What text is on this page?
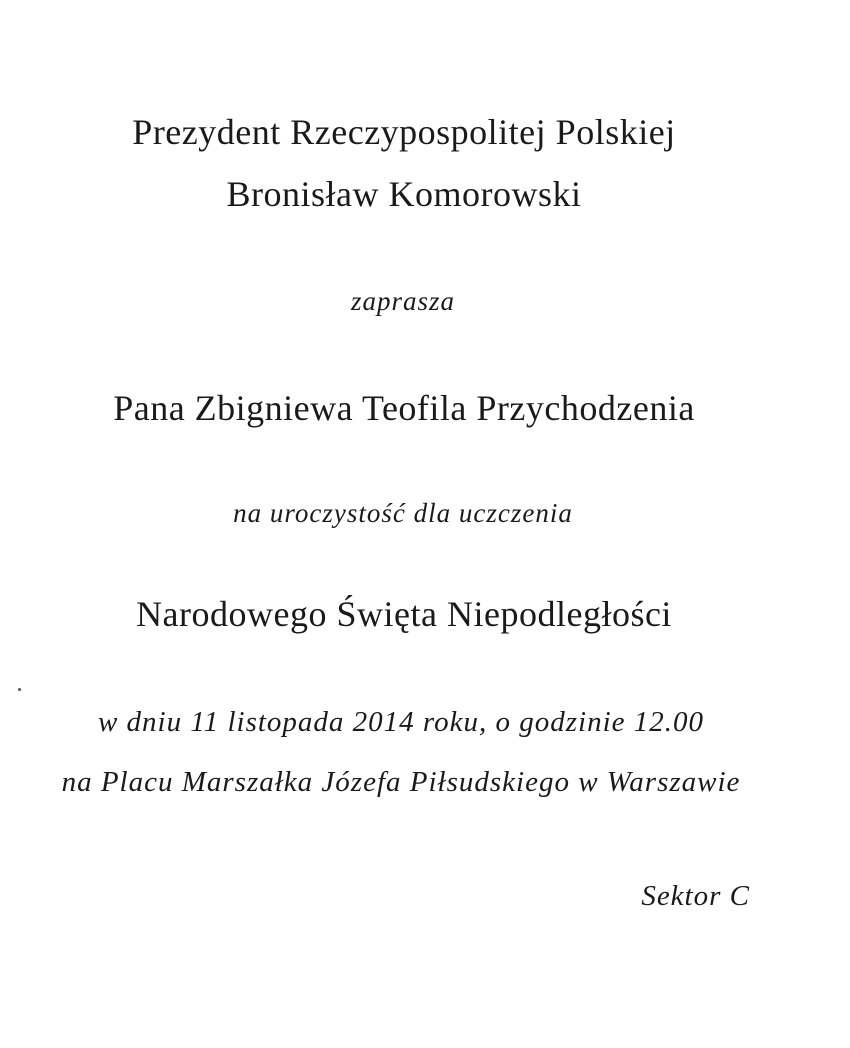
Prezydent Rzeczypospolitej Polskiej
Bronisław Komorowski
zaprasza
Pana Zbigniewa Teofila Przychodzenia
na uroczystość dla uczczenia
Narodowego Święta Niepodległości
w dniu 11 listopada 2014 roku, o godzinie 12.00
na Placu Marszałka Józefa Piłsudskiego w Warszawie
Sektor C
